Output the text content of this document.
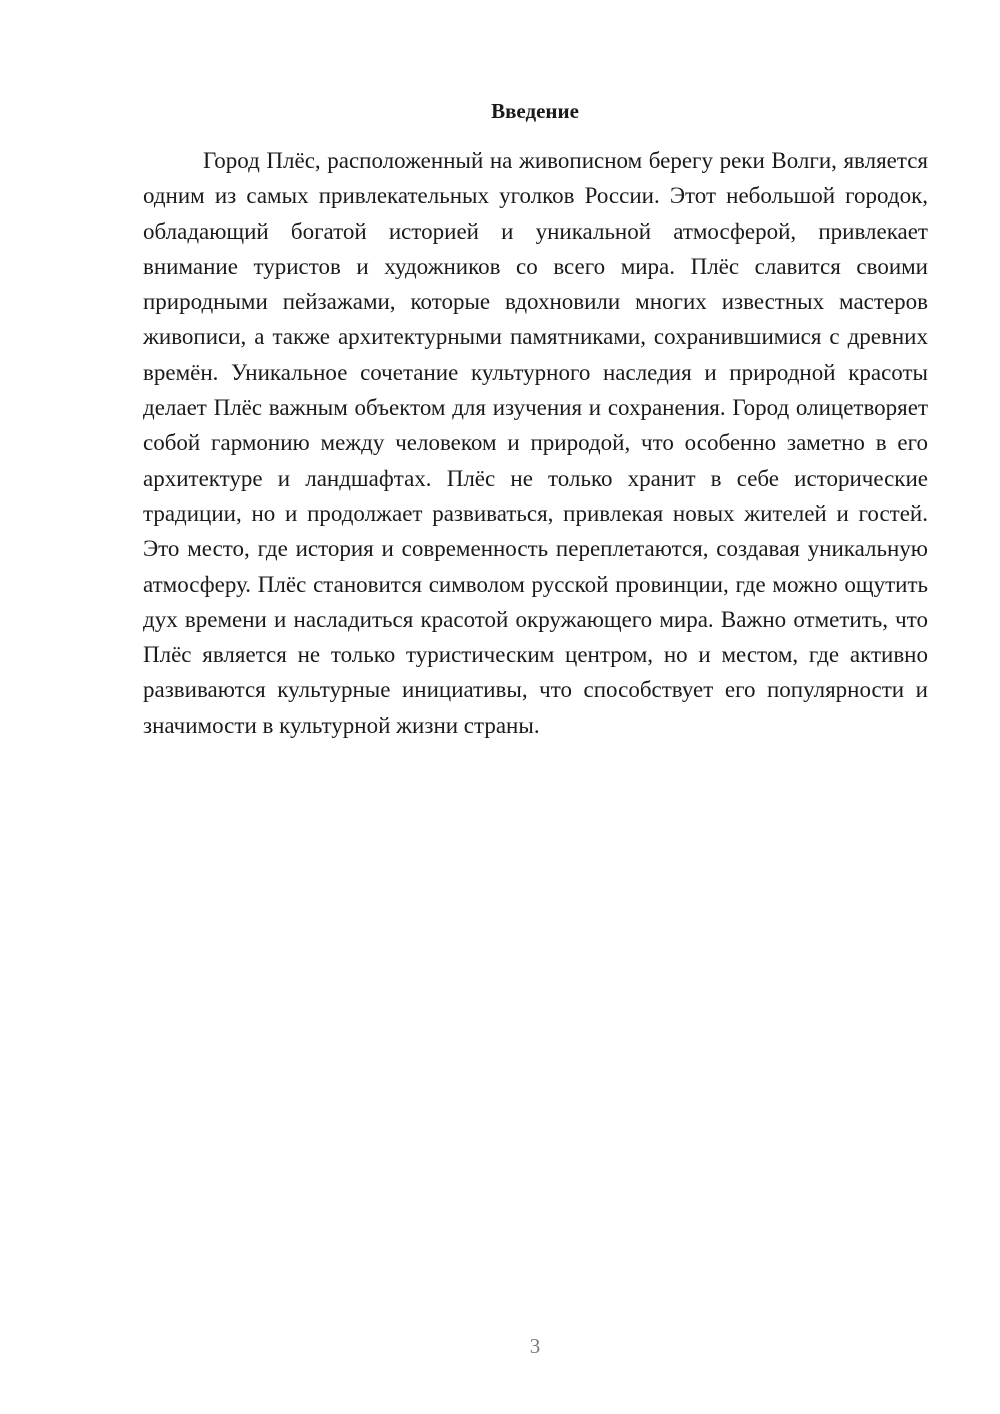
Введение

Город Плёс, расположенный на живописном берегу реки Волги, является одним из самых привлекательных уголков России. Этот небольшой городок, обладающий богатой историей и уникальной атмосферой, привлекает внимание туристов и художников со всего мира. Плёс славится своими природными пейзажами, которые вдохновили многих известных мастеров живописи, а также архитектурными памятниками, сохранившимися с древних времён. Уникальное сочетание культурного наследия и природной красоты делает Плёс важным объектом для изучения и сохранения. Город олицетворяет собой гармонию между человеком и природой, что особенно заметно в его архитектуре и ландшафтах. Плёс не только хранит в себе исторические традиции, но и продолжает развиваться, привлекая новых жителей и гостей. Это место, где история и современность переплетаются, создавая уникальную атмосферу. Плёс становится символом русской провинции, где можно ощутить дух времени и насладиться красотой окружающего мира. Важно отметить, что Плёс является не только туристическим центром, но и местом, где активно развиваются культурные инициативы, что способствует его популярности и значимости в культурной жизни страны.

3
